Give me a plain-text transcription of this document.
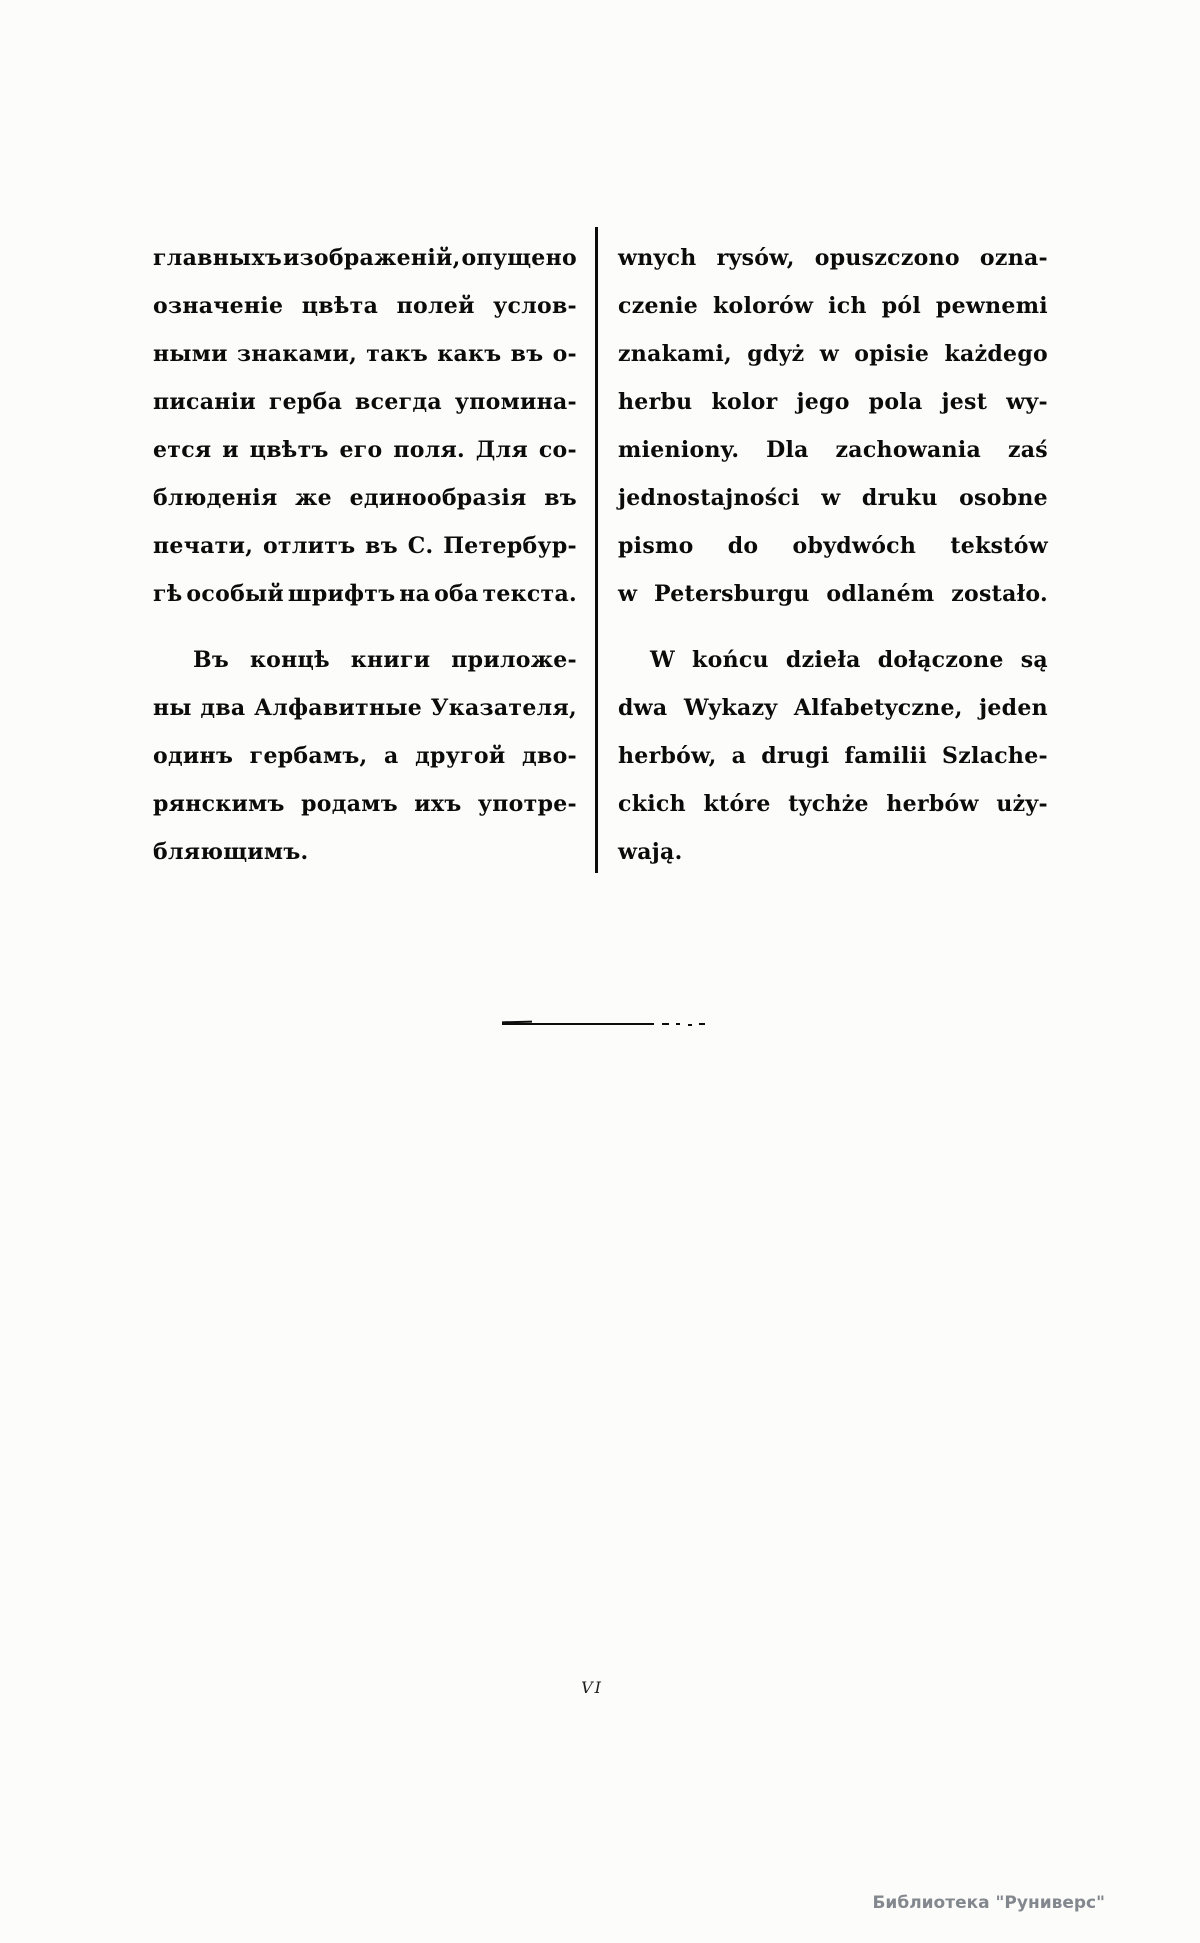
главныхъ изображеній, опущено
означеніе цвѣта полей услов-
ными знаками, такъ какъ въ о-
писаніи герба всегда упомина-
ется и цвѣтъ его поля. Для со-
блюденія же единообразія въ
печати, отлитъ въ С. Петербур-
гѣ особый шрифтъ на оба текста.
Въ концѣ книги приложе-
ны два Алфавитные Указателя,
одинъ гербамъ, а другой дво-
рянскимъ родамъ ихъ употре-
бляющимъ.
wnych rysów, opuszczono ozna-
czenie kolorów ich pól pewnemi
znakami, gdyż w opisie każdego
herbu kolor jego pola jest wy-
mieniony. Dla zachowania zaś
jednostajności w druku osobne
pismo do obydwóch tekstów
w Petersburgu odlaném zostało.
W końcu dzieła dołączone są
dwa Wykazy Alfabetyczne, jeden
herbów, a drugi familii Szlache-
ckich które tychże herbów uży-
wają.
VI
Библиотека "Руниверс"
